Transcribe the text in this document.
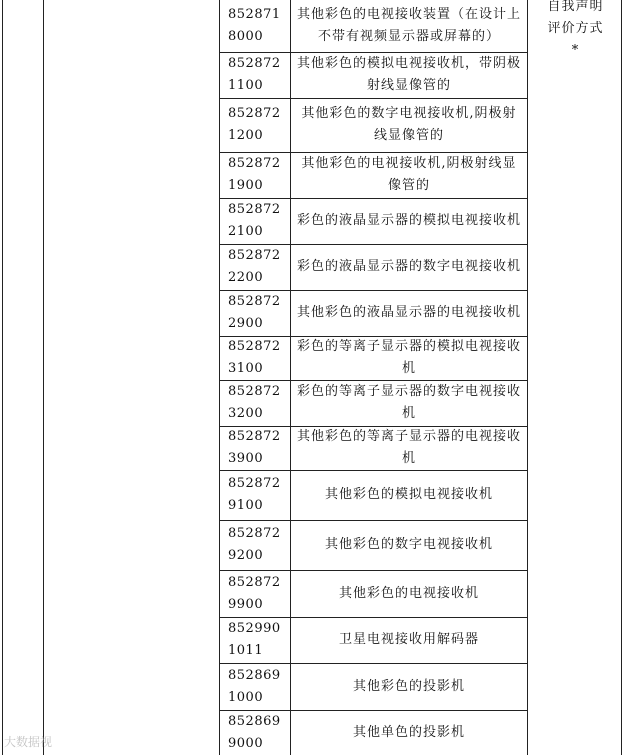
自我声明
评价方式
*
852871
8000
其他彩色的电视接收装置（在设计上不带有视频显示器或屏幕的）
852872
1100
其他彩色的模拟电视接收机，带阴极射线显像管的
852872
1200
其他彩色的数字电视接收机,阴极射线显像管的
852872
1900
其他彩色的电视接收机,阴极射线显像管的
852872
2100
彩色的液晶显示器的模拟电视接收机
852872
2200
彩色的液晶显示器的数字电视接收机
852872
2900
其他彩色的液晶显示器的电视接收机
852872
3100
彩色的等离子显示器的模拟电视接收机
852872
3200
彩色的等离子显示器的数字电视接收机
852872
3900
其他彩色的等离子显示器的电视接收机
852872
9100
其他彩色的模拟电视接收机
852872
9200
其他彩色的数字电视接收机
852872
9900
其他彩色的电视接收机
852990
1011
卫星电视接收用解码器
852869
1000
其他彩色的投影机
852869
9000
其他单色的投影机
大数据视
